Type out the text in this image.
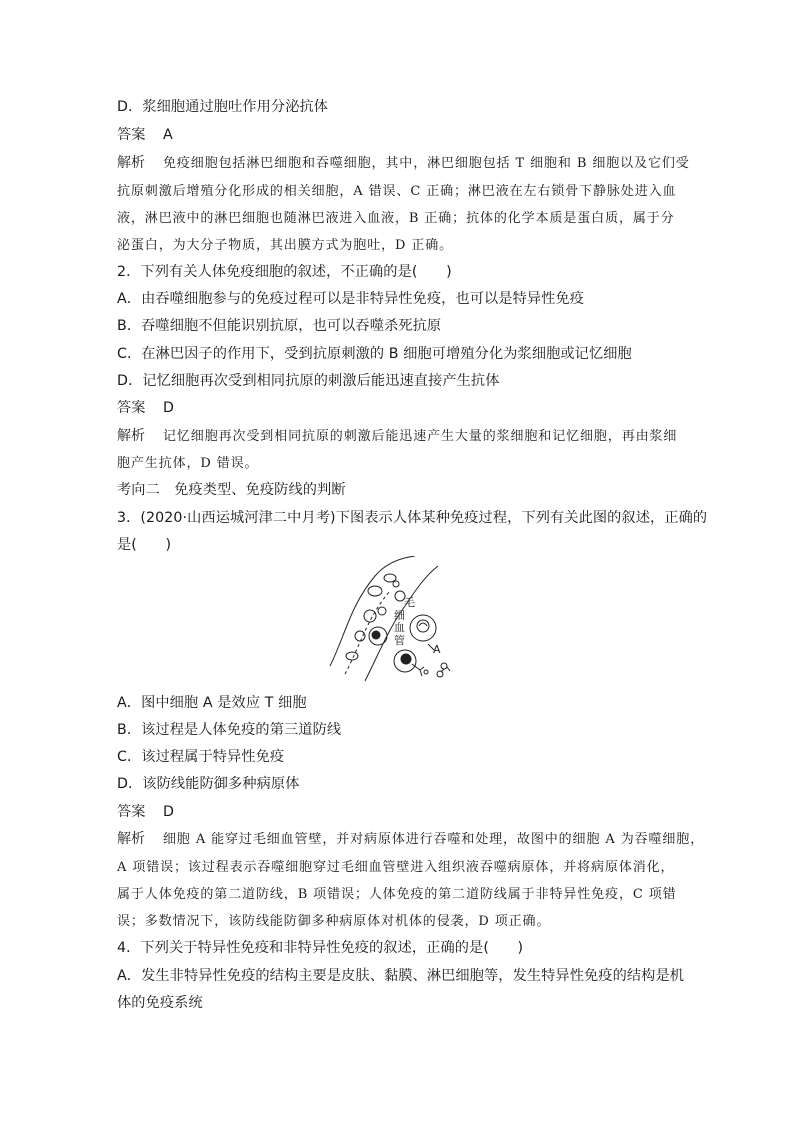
D．浆细胞通过胞吐作用分泌抗体
答案 A
解析 免疫细胞包括淋巴细胞和吞噬细胞，其中，淋巴细胞包括 T 细胞和 B 细胞以及它们受
抗原刺激后增殖分化形成的相关细胞，A 错误、C 正确；淋巴液在左右锁骨下静脉处进入血
液，淋巴液中的淋巴细胞也随淋巴液进入血液，B 正确；抗体的化学本质是蛋白质，属于分
泌蛋白，为大分子物质，其出膜方式为胞吐，D 正确。
2．下列有关人体免疫细胞的叙述，不正确的是(　　)
A．由吞噬细胞参与的免疫过程可以是非特异性免疫，也可以是特异性免疫
B．吞噬细胞不但能识别抗原，也可以吞噬杀死抗原
C．在淋巴因子的作用下，受到抗原刺激的 B 细胞可增殖分化为浆细胞或记忆细胞
D．记忆细胞再次受到相同抗原的刺激后能迅速直接产生抗体
答案 D
解析 记忆细胞再次受到相同抗原的刺激后能迅速产生大量的浆细胞和记忆细胞，再由浆细
胞产生抗体，D 错误。
考向二　免疫类型、免疫防线的判断
3．(2020·山西运城河津二中月考)下图表示人体某种免疫过程，下列有关此图的叙述，正确的
是(　　)
毛
细
血
管
A
A．图中细胞 A 是效应 T 细胞
B．该过程是人体免疫的第三道防线
C．该过程属于特异性免疫
D．该防线能防御多种病原体
答案 D
解析 细胞 A 能穿过毛细血管壁，并对病原体进行吞噬和处理，故图中的细胞 A 为吞噬细胞，
A 项错误；该过程表示吞噬细胞穿过毛细血管壁进入组织液吞噬病原体，并将病原体消化，
属于人体免疫的第二道防线，B 项错误；人体免疫的第二道防线属于非特异性免疫，C 项错
误；多数情况下，该防线能防御多种病原体对机体的侵袭，D 项正确。
4．下列关于特异性免疫和非特异性免疫的叙述，正确的是(　　)
A．发生非特异性免疫的结构主要是皮肤、黏膜、淋巴细胞等，发生特异性免疫的结构是机
体的免疫系统
